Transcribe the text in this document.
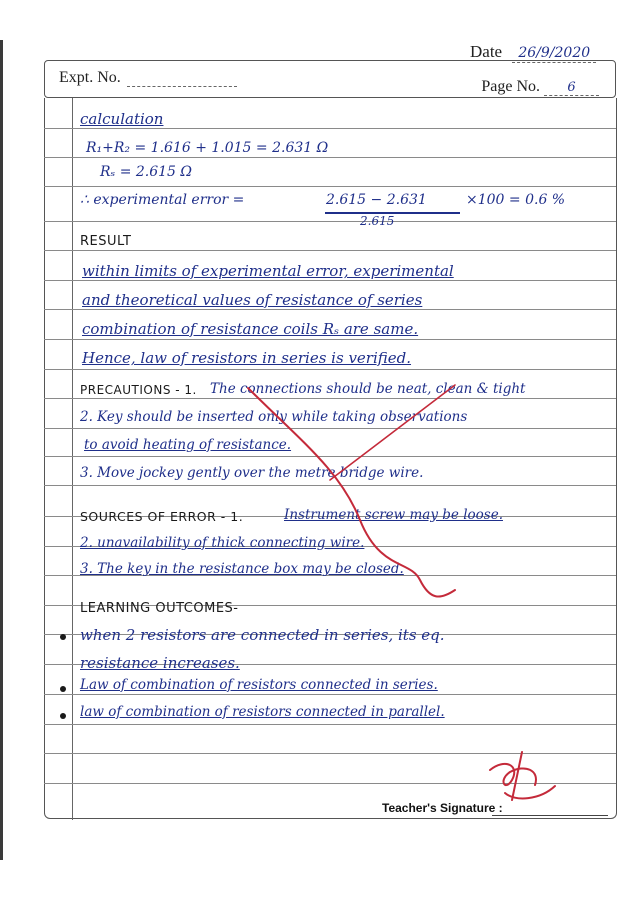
Date 26/9/2020
Expt. No.
Page No. 6
calculation
R₁+R₂ = 1.616 + 1.015 = 2.631 Ω
Rₛ = 2.615 Ω
∴ experimental error =	2.615 − 2.631
2.615
×100 = 0.6 %
RESULT
within limits of experimental error, experimental
and theoretical values of resistance of series
combination of resistance coils Rₛ are same.
Hence, law of resistors in series is verified.
PRECAUTIONS - 1. The connections should be neat, clean & tight
2. Key should be inserted only while taking observations
to avoid heating of resistance.
3. Move jockey gently over the metre bridge wire.
SOURCES OF ERROR - 1.	Instrument screw may be loose.
2. unavailability of thick connecting wire.
3. The key in the resistance box may be closed.
LEARNING OUTCOMES-
when 2 resistors are connected in series, its eq.
resistance increases.
Law of combination of resistors connected in series.
law of combination of resistors connected in parallel.
Teacher's Signature :
